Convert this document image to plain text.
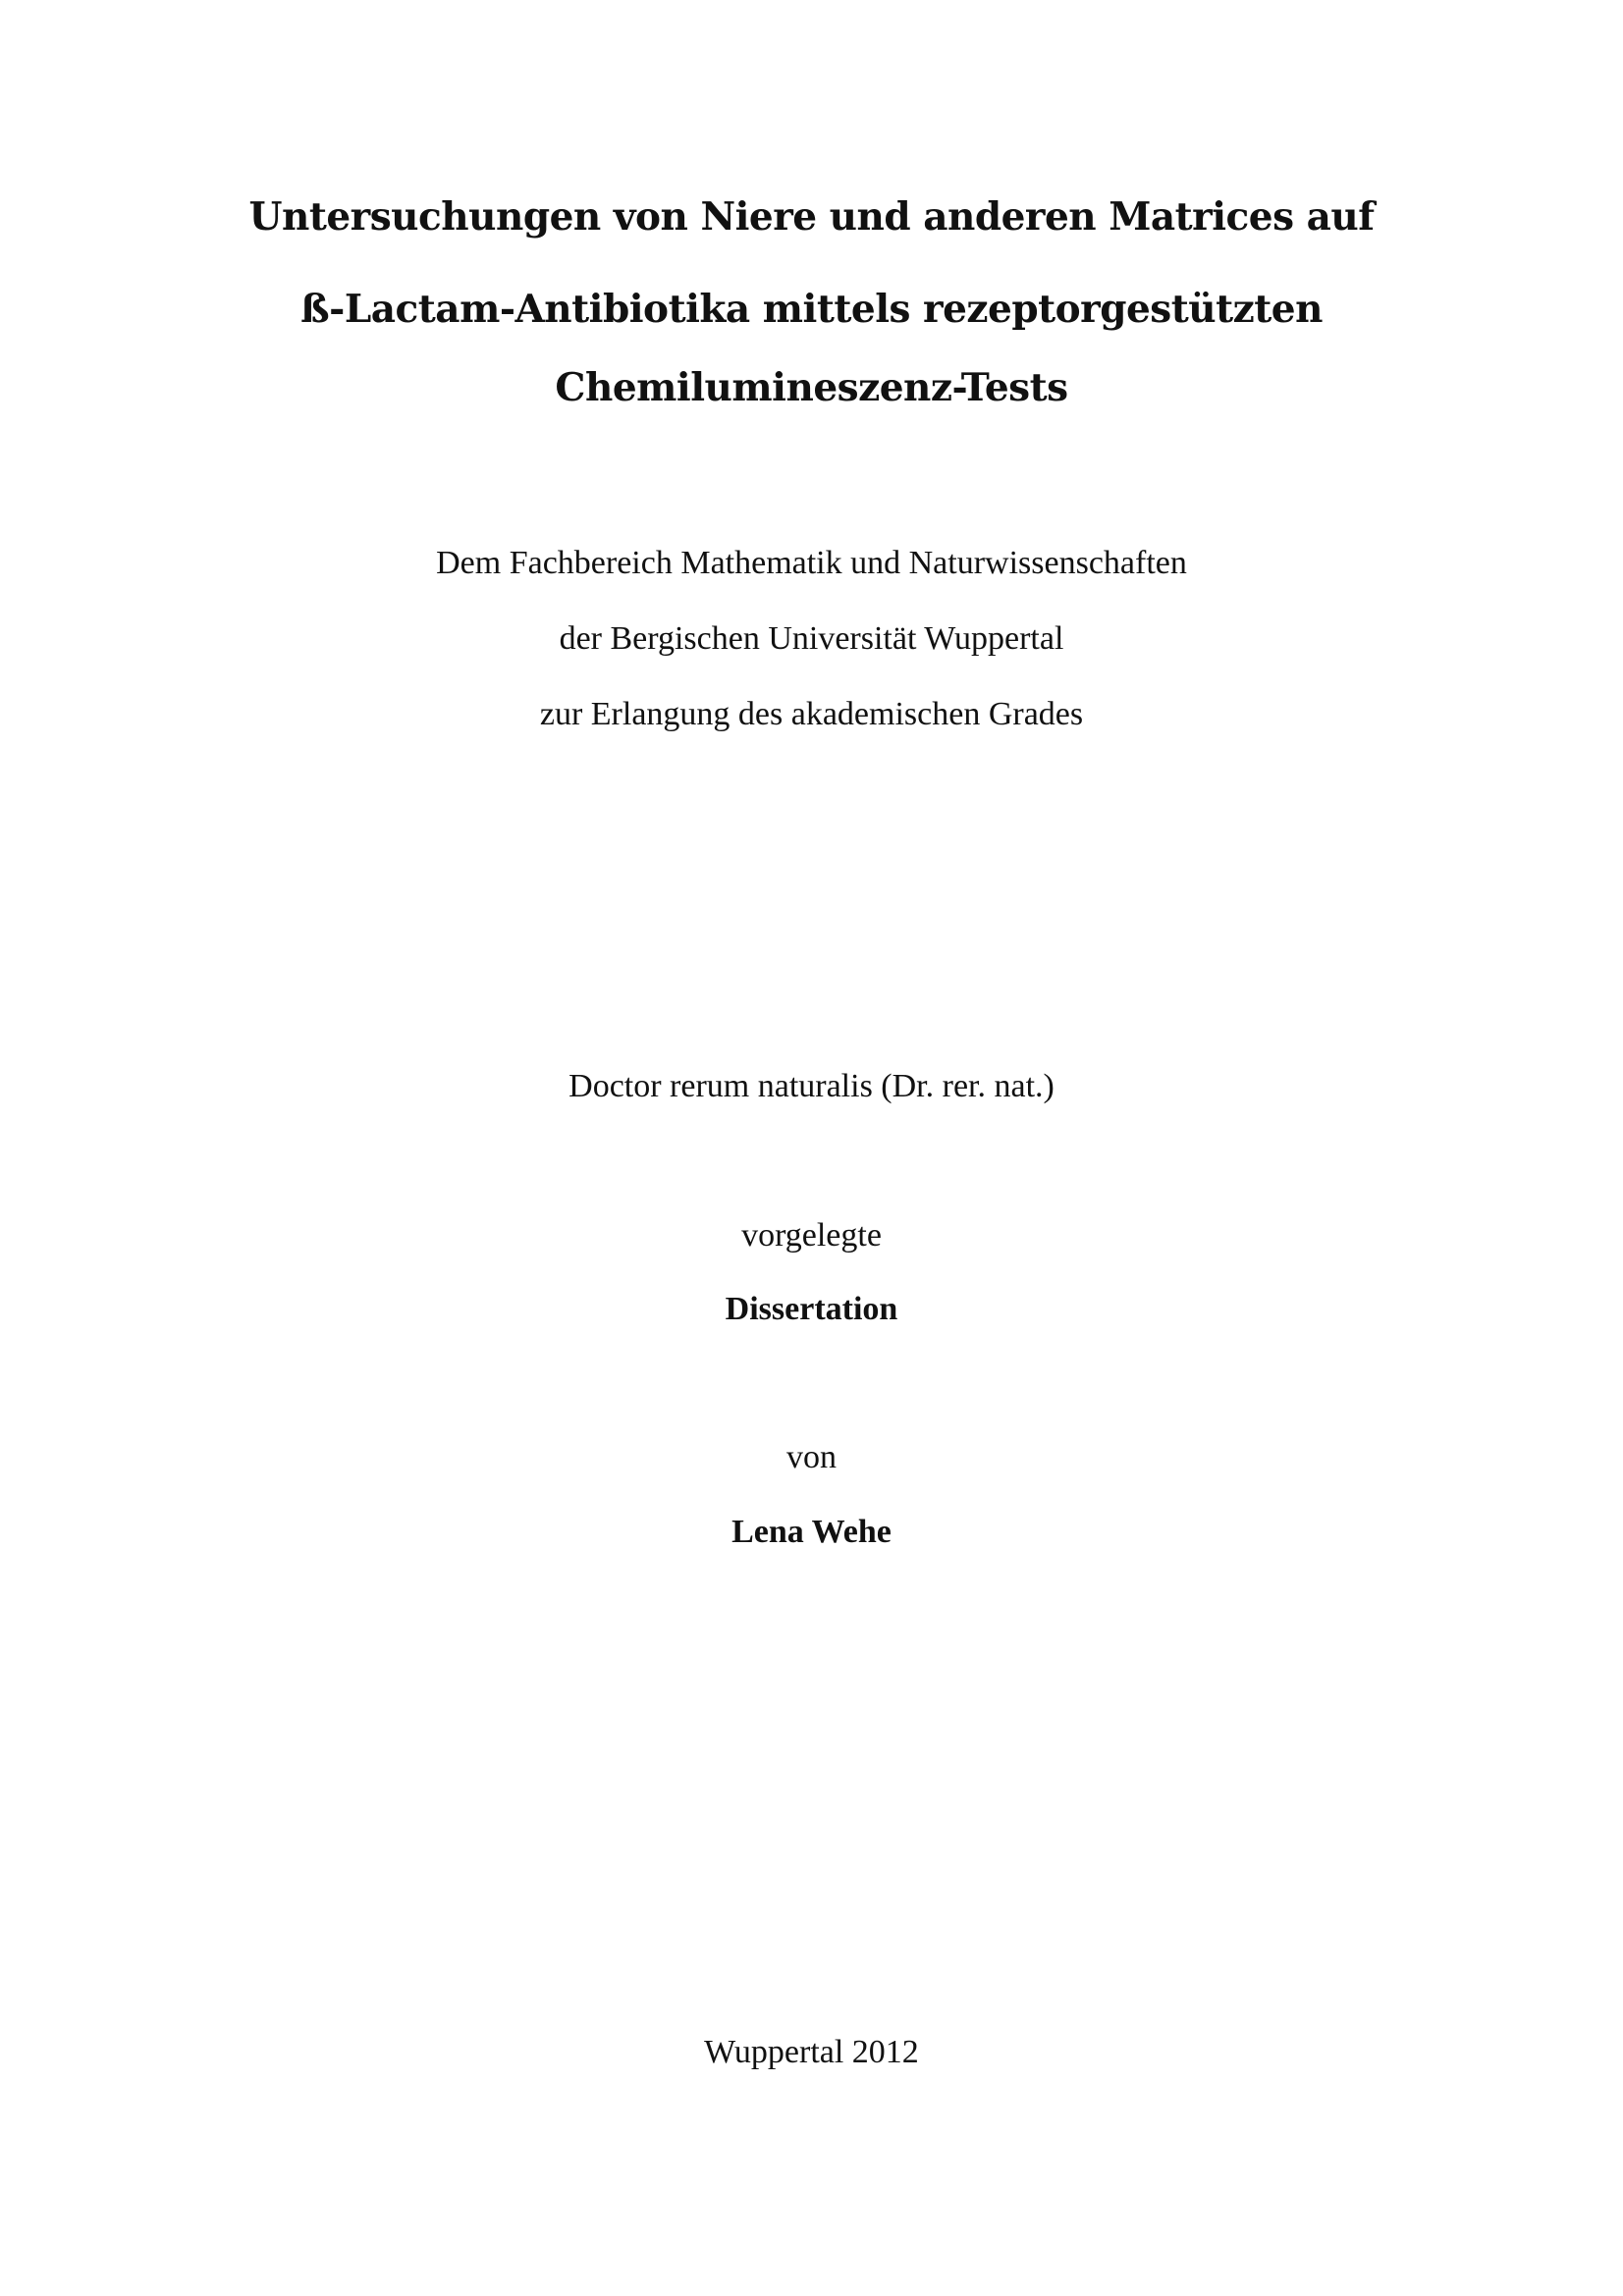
Untersuchungen von Niere und anderen Matrices auf
ß-Lactam-Antibiotika mittels rezeptorgestützten
Chemilumineszenz-Tests
Dem Fachbereich Mathematik und Naturwissenschaften
der Bergischen Universität Wuppertal
zur Erlangung des akademischen Grades
Doctor rerum naturalis (Dr. rer. nat.)
vorgelegte
Dissertation
von
Lena Wehe
Wuppertal 2012
